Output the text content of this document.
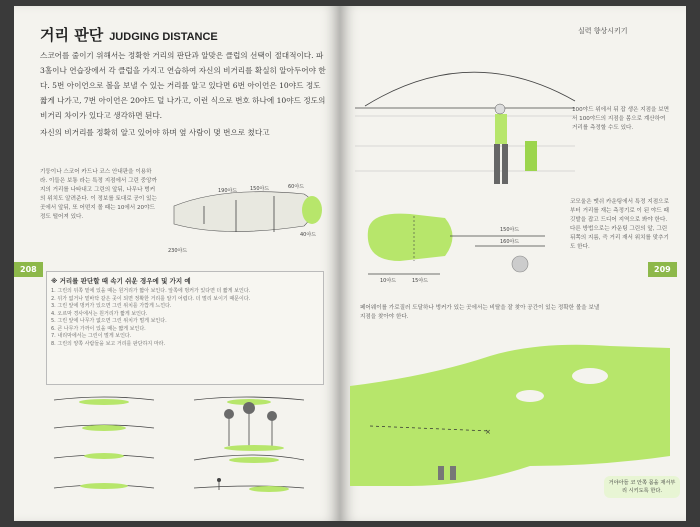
거리 판단 JUDGING DISTANCE

스코어를 줄이기 위해서는 정확한 거리의 판단과 알맞은 클럽의 선택이 절대적이다. 파 3홀이나 연습장에서 각 클럽을 가지고 연습하여 자신의 비거리를 확실히 알아두어야 한다. 5번 아이언으로 볼을 보낼 수 있는 거리를 알고 있다면 6번 아이언은 10야드 정도 짧게 나가고, 7번 아이언은 20야드 덜 나가고, 이런 식으로 번호 하나에 10야드 정도의 비거리 차이가 있다고 생각하면 된다.

자신의 비거리를 정확히 알고 있어야 하며 옆 사람이 몇 번으로 쳤다고

기둥이나 스코어 카드나 코스 안내판을 이용하라. 이들은 보통 라는 특정 지점에서 그린 중앙까지의 거리를 나타내고 그린의 앞뒤, 나무나 벙커의 위치도 알려준다. 이 정보를 토대로 공이 있는 곳에서 앞뒤, 또 어떤지 볼 때는 10에서 20야드 정도 떨어져 있다.
190야드	150야드	60야드
40야드
230야드
208
※ 거리를 판단할 때 속기 쉬운 경우에 및 가지 예
1. 그린의 뒤쪽 밑에 있을 때는 원거리가 짧아 보인다. 앞쪽에 벙커가 있다면 더 짧게 보인다.
2. 뒤가 없거나 밑바닥 같은 곳이 되면 정확한 거리를 알기 어렵다. 더 멀리 보이기 때문이다.
3. 그린 앞에 벙커가 있으면 그린 위치를 가깝게 느낀다.
4. 오르막 경사에서는 원거리가 짧게 보인다.
5. 그린 앞에 나무가 없으면 그린 위치가 멀게 보인다.
6. 큰 나무가 가까이 있을 때는 짧게 보인다.
7. 내리막에서는 그린이 멀게 보인다.
8. 그린의 양쪽 사람들을 보고 거리를 판단하지 마라.
실력 향상시키기
100야드 위에서 뒤 잡 생은 지점을 보면서 100야드의 지점을 몸으로 계산하여 거리를 측정할 수도 있다.
150야드
160야드
10야드	15야드
코모울은 맷쉬 카운팅에서 특정 지점으로부터 거리를 재는 측정기로 이 된 야드 때 깃발을 잡고 드디어 지역으로 봐야 한다. 다른 방법으로는 카운팅 그린의 앞, 그린 뒤쪽의 지름, 즉 거리 재서 위치를 맞추기도 한다.
209
페어웨이를 가로질러 도달하나 벙커가 있는 곳에서는 비탈을 잘 찾아 공간이 있는 정확한 볼을 보낼 지점을 찾아야 한다.
×
거야아들 코 안쪽 몸을 재서부리 시키도록 한다.
